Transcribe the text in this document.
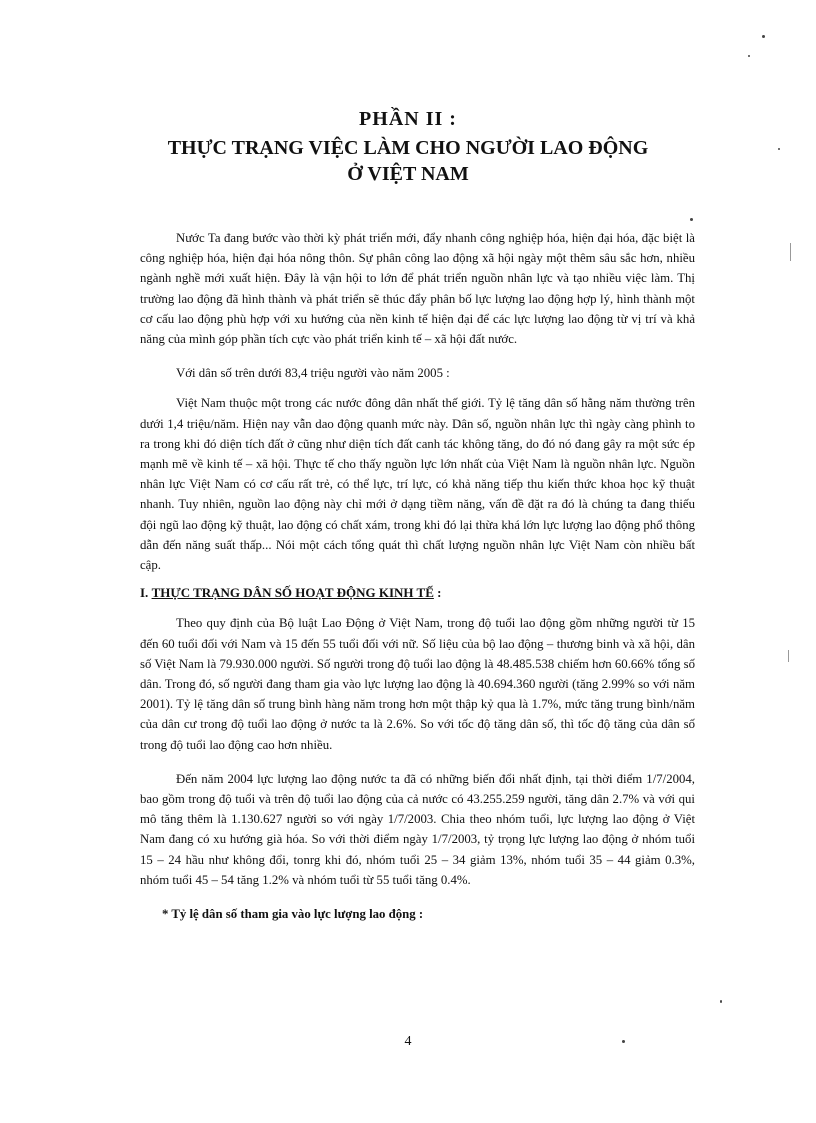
PHẦN II :

THỰC TRẠNG VIỆC LÀM CHO NGƯỜI LAO ĐỘNG

Ở VIỆT NAM

Nước Ta đang bước vào thời kỳ phát triển mới, đẩy nhanh công nghiệp hóa, hiện đại hóa, đặc biệt là công nghiệp hóa, hiện đại hóa nông thôn. Sự phân công lao động xã hội ngày một thêm sâu sắc hơn, nhiều ngành nghề mới xuất hiện. Đây là vận hội to lớn để phát triển nguồn nhân lực và tạo nhiều việc làm. Thị trường lao động đã hình thành và phát triển sẽ thúc đẩy phân bố lực lượng lao động hợp lý, hình thành một cơ cấu lao động phù hợp với xu hướng của nền kinh tế hiện đại để các lực lượng lao động từ vị trí và khả năng của mình góp phần tích cực vào phát triển kinh tế – xã hội đất nước.

Với dân số trên dưới 83,4 triệu người vào năm 2005 :

Việt Nam thuộc một trong các nước đông dân nhất thế giới. Tỷ lệ tăng dân số hằng năm thường trên dưới 1,4 triệu/năm. Hiện nay vẫn dao động quanh mức này. Dân số, nguồn nhân lực thì ngày càng phình to ra trong khi đó diện tích đất ở cũng như diện tích đất canh tác không tăng, do đó nó đang gây ra một sức ép mạnh mẽ về kinh tế – xã hội. Thực tế cho thấy nguồn lực lớn nhất của Việt Nam là nguồn nhân lực. Nguồn nhân lực Việt Nam có cơ cấu rất trẻ, có thể lực, trí lực, có khả năng tiếp thu kiến thức khoa học kỹ thuật nhanh. Tuy nhiên, nguồn lao động này chỉ mới ở dạng tiềm năng, vấn đề đặt ra đó là chúng ta đang thiếu đội ngũ lao động kỹ thuật, lao động có chất xám, trong khi đó lại thừa khá lớn lực lượng lao động phổ thông dẫn đến năng suất thấp... Nói một cách tổng quát thì chất lượng nguồn nhân lực Việt Nam còn nhiều bất cập.

I. THỰC TRẠNG DÂN SỐ HOẠT ĐỘNG KINH TẾ :

Theo quy định của Bộ luật Lao Động ở Việt Nam, trong độ tuổi lao động gồm những người từ 15 đến 60 tuổi đối với Nam và 15 đến 55 tuổi đối với nữ. Số liệu của bộ lao động – thương binh và xã hội, dân số Việt Nam là 79.930.000 người. Số người trong độ tuổi lao động là 48.485.538 chiếm hơn 60.66% tổng số dân. Trong đó, số người đang tham gia vào lực lượng lao động là 40.694.360 người (tăng 2.99% so với năm 2001). Tỷ lệ tăng dân số trung bình hàng năm trong hơn một thập kỷ qua là 1.7%, mức tăng trung bình/năm của dân cư trong độ tuổi lao động ở nước ta là 2.6%. So với tốc độ tăng dân số, thì tốc độ tăng của dân số trong độ tuổi lao động cao hơn nhiều.

Đến năm 2004 lực lượng lao động nước ta đã có những biến đổi nhất định, tại thời điểm 1/7/2004, bao gồm trong độ tuổi và trên độ tuổi lao động của cả nước có 43.255.259 người, tăng dân 2.7% và với qui mô tăng thêm là 1.130.627 người so với ngày 1/7/2003. Chia theo nhóm tuổi, lực lượng lao động ở Việt Nam đang có xu hướng già hóa. So với thời điểm ngày 1/7/2003, tỷ trọng lực lượng lao động ở nhóm tuổi 15 – 24 hầu như không đổi, tonrg khi đó, nhóm tuổi 25 – 34 giảm 13%, nhóm tuổi 35 – 44 giảm 0.3%, nhóm tuổi 45 – 54 tăng 1.2% và nhóm tuổi từ 55 tuổi tăng 0.4%.

* Tỷ lệ dân số tham gia vào lực lượng lao động :

4
